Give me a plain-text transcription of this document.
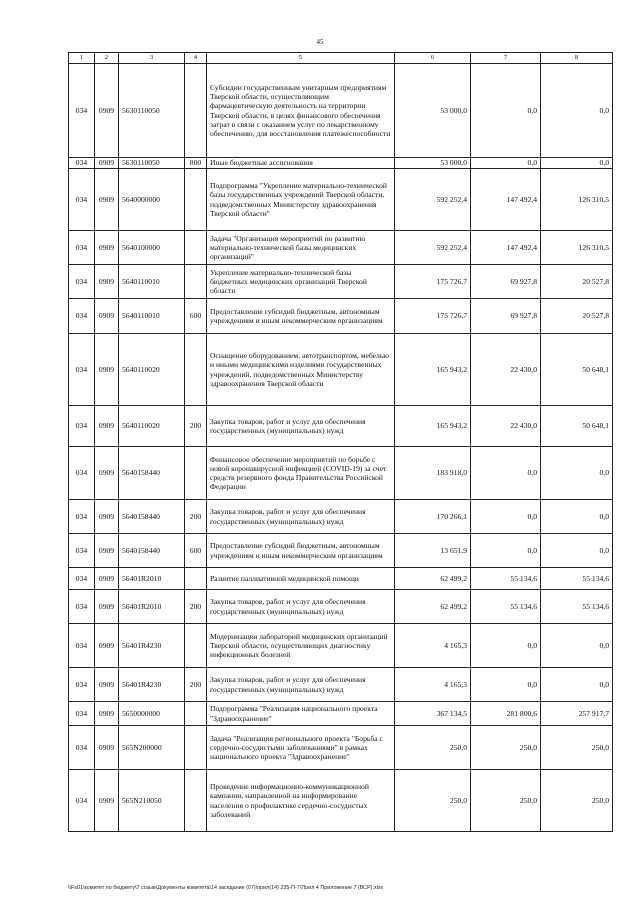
45
1	2	3	4	5	6	7	8
034	0909	5630110050		Субсидии государственным унитарным предприятиям Тверской области, осуществляющим фармацевтическую деятельность на территории Тверской области, в целях финансового обеспечения затрат в связи с оказанием услуг по лекарственному обеспечению, для восстановления платежеспособности	53 000,0	0,0	0,0
034	0909	5630110050	800	Иные бюджетные ассигнования	53 000,0	0,0	0,0
034	0909	5640000000		Подпрограмма "Укрепление материально-технической базы государственных учреждений Тверской области, подведомственных Министерству здравоохранения Тверской области"	592 252,4	147 492,4	126 310,5
034	0909	5640100000		Задача "Организация мероприятий по развитию материально-технической базы медицинских организаций"	592 252,4	147 492,4	126 310,5
034	0909	5640110010		Укрепление материально-технической базы бюджетных медицинских организаций Тверской области	175 726,7	69 927,8	20 527,8
034	0909	5640110010	600	Предоставление субсидий бюджетным, автономным учреждениям и иным некоммерческим организациям	175 726,7	69 927,8	20 527,8
034	0909	5640110020		Оснащение оборудованием, автотранспортом, мебелью и иными медицинскими изделиями государственных учреждений, подведомственных Министерству здравоохранения Тверской области	165 943,2	22 430,0	50 648,1
034	0909	5640110020	200	Закупка товаров, работ и услуг для обеспечения государственных (муниципальных) нужд	165 943,2	22 430,0	50 648,1
034	0909	5640158440		Финансовое обеспечение мероприятий по борьбе с новой коронавирусной инфекцией (COVID-19) за счет средств резервного фонда Правительства Российской Федерации	183 918,0	0,0	0,0
034	0909	5640158440	200	Закупка товаров, работ и услуг для обеспечения государственных (муниципальных) нужд	170 266,1	0,0	0,0
034	0909	5640158440	600	Предоставление субсидий бюджетным, автономным учреждениям и иным некоммерческим организациям	13 651,9	0,0	0,0
034	0909	56401R2010		Развитие паллиативной медицинской помощи	62 499,2	55 134,6	55 134,6
034	0909	56401R2010	200	Закупка товаров, работ и услуг для обеспечения государственных (муниципальных) нужд	62 499,2	55 134,6	55 134,6
034	0909	56401R4230		Модернизация лабораторий медицинских организаций Тверской области, осуществляющих диагностику инфекционных болезней	4 165,3	0,0	0,0
034	0909	56401R4230	200	Закупка товаров, работ и услуг для обеспечения государственных (муниципальных) нужд	4 165,3	0,0	0,0
034	0909	5650000000		Подпрограмма "Реализация национального проекта "Здравоохранение"	367 134,5	281 800,6	257 917,7
034	0909	565N200000		Задача "Реализация регионального проекта "Борьба с сердечно-сосудистыми заболеваниями" в рамках национального проекта "Здравоохранение"	250,0	250,0	250,0
034	0909	565N210050		Проведение информационно-коммуникационной кампании, направленной на информирование населения о профилактике сердечно-сосудистых заболеваний	250,0	250,0	250,0
\\Fs01\комитет по бюджету\7 созыв\Документы комитета\14 заседание (07)\прил(14) 235-П-7\Прил 4 Приложение 7 (ВСР).xlsx
